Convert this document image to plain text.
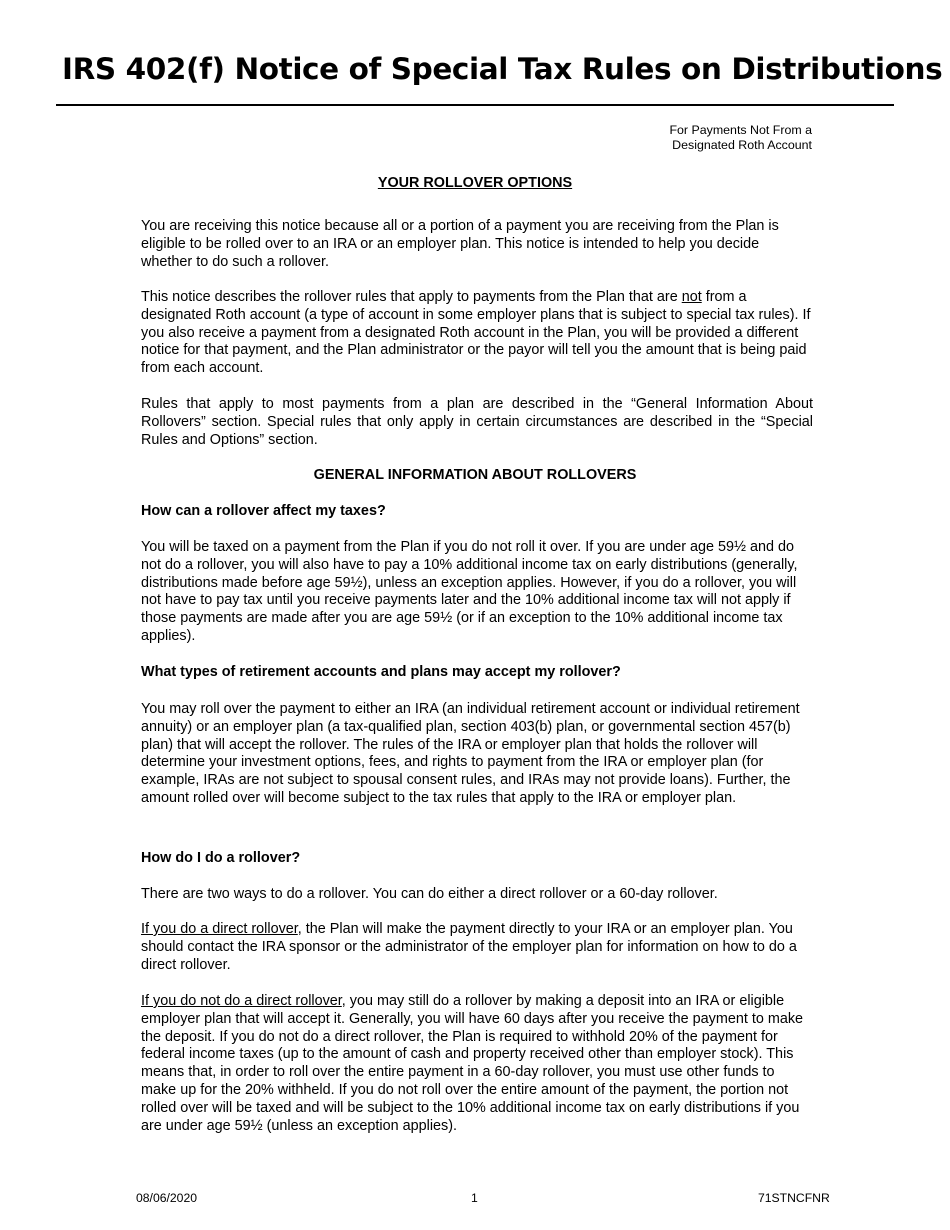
IRS 402(f) Notice of Special Tax Rules on Distributions
For Payments Not From a
Designated Roth Account
YOUR ROLLOVER OPTIONS

You are receiving this notice because all or a portion of a payment you are receiving from the Plan is eligible to be rolled over to an IRA or an employer plan. This notice is intended to help you decide whether to do such a rollover.

This notice describes the rollover rules that apply to payments from the Plan that are not from a designated Roth account (a type of account in some employer plans that is subject to special tax rules). If you also receive a payment from a designated Roth account in the Plan, you will be provided a different notice for that payment, and the Plan administrator or the payor will tell you the amount that is being paid from each account.

Rules that apply to most payments from a plan are described in the “General Information About Rollovers” section. Special rules that only apply in certain circumstances are described in the “Special Rules and Options” section.

GENERAL INFORMATION ABOUT ROLLOVERS
How can a rollover affect my taxes?

You will be taxed on a payment from the Plan if you do not roll it over. If you are under age 59½ and do not do a rollover, you will also have to pay a 10% additional income tax on early distributions (generally, distributions made before age 59½), unless an exception applies. However, if you do a rollover, you will not have to pay tax until you receive payments later and the 10% additional income tax will not apply if those payments are made after you are age 59½ (or if an exception to the 10% additional income tax applies).

What types of retirement accounts and plans may accept my rollover?

You may roll over the payment to either an IRA (an individual retirement account or individual retirement annuity) or an employer plan (a tax-qualified plan, section 403(b) plan, or governmental section 457(b) plan) that will accept the rollover. The rules of the IRA or employer plan that holds the rollover will determine your investment options, fees, and rights to payment from the IRA or employer plan (for example, IRAs are not subject to spousal consent rules, and IRAs may not provide loans). Further, the amount rolled over will become subject to the tax rules that apply to the IRA or employer plan.

How do I do a rollover?

There are two ways to do a rollover. You can do either a direct rollover or a 60-day rollover.

If you do a direct rollover, the Plan will make the payment directly to your IRA or an employer plan. You should contact the IRA sponsor or the administrator of the employer plan for information on how to do a direct rollover.

If you do not do a direct rollover, you may still do a rollover by making a deposit into an IRA or eligible employer plan that will accept it. Generally, you will have 60 days after you receive the payment to make the deposit. If you do not do a direct rollover, the Plan is required to withhold 20% of the payment for federal income taxes (up to the amount of cash and property received other than employer stock). This means that, in order to roll over the entire payment in a 60-day rollover, you must use other funds to make up for the 20% withheld. If you do not roll over the entire amount of the payment, the portion not rolled over will be taxed and will be subject to the 10% additional income tax on early distributions if you are under age 59½ (unless an exception applies).

08/06/2020	1	71STNCFNR
